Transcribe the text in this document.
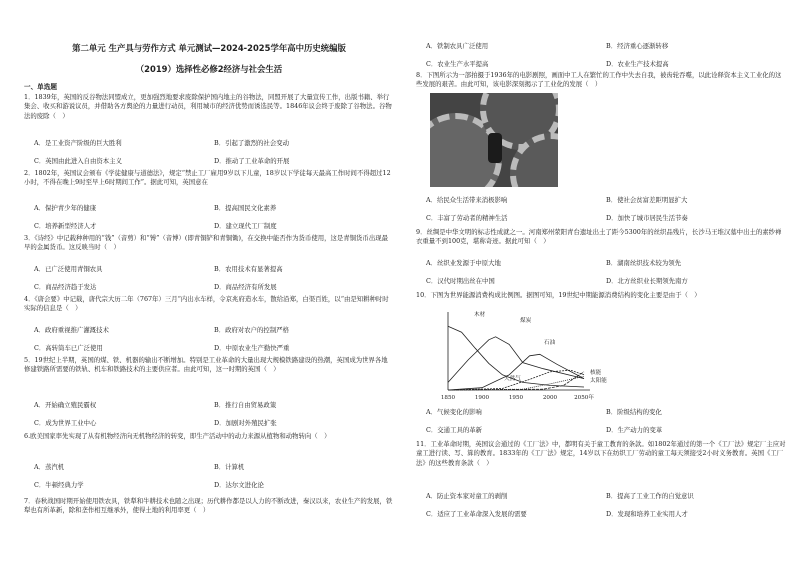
第二单元 生产具与劳作方式 单元测试—2024-2025学年高中历史统编版
（2019）选择性必修2经济与社会生活
一、单选题
1．1839年，英国的反谷物法同盟成立，更加强烈地要求废除保护国内地主的谷物法，同盟开展了大量宣传工作，出版书籍、举行集会、收买和游说议员，并借助各方舆论的力量进行动员，利用城市的经济优势而诱选民等。1846年议会终于废除了谷物法。谷物法的废除（　）
A．是工业资产阶级的巨大胜利	B．引起了激烈的社会变动
C．英国由此进入自由资本主义	D．推动了工业革命的开展
2．1802年，英国议会颁布《学徒健康与道德法》，规定“禁止工厂雇用9岁以下儿童，18岁以下学徒每天最高工作时间不得超过12小时，不得在晚上9时至早上6时期间工作”。据此可知，英国意在
A．保护青少年的健康	B．提高国民文化素养
C．培养新型经济人才	D．建立现代工厂制度
3．《诗经》中记载种种用的“钱”（音剪）和“镈”（音博）(即青铜铲和青铜锄)，在交换中能否作为货币使用，这是青铜货币出现最早的金属货币。这反映当时（　）
A．已广泛使用青铜农具	B．农用技术有显著提高
C．商品经济趋于发达	D．商品经济有所发展
4．《唐会要》中记载，唐代宗大历二年（767年）三月“内出水车样，令京兆府造水车，散给沿郑，白渠百姓，以“由是知耕种时时实际的信息是（　）
A．政府重视推广灌溉技术	B．政府对农户的控制严格
C．高转筒车已广泛使用	D．中原农业生产勤快严重
5．19世纪上半期，英国的煤、铁、机器的输出不断增加。特别是工业革命的大量出现大规模铁路建设的热潮，英国成为世界各地修建铁路所需要的铁轨、机车和铁路技术的主要供应者。由此可知，这一时期的英国（　）
A．开始确立殖民霸权	B．推行自由贸易政策
C．成为世界工业中心	D．加剧对外殖民扩张
6.欧美国家率先实现了从有机物经济向无机物经济的转变，即生产活动中的动力来源从植物和动物转向（　）
A．蒸汽机	B．计算机
C．牛顿经典力学	D．达尔文进化论
7．春秋战国时期开始使用铁农具，铁犁和牛耕技术也随之出现；历代耕作都是以人力的不断改进，秦汉以来，农业生产的发展，铁犁也有所革新，除和垄作相互继承外，使得土地的利用率更（　）
A．铁制农具广泛使用	B．经济重心逐渐转移
C．农业生产水平提高	D．农业生产技术提高
8．下图所示为一部拍摄于1936年的电影剧照，画面中工人在繁忙的工作中失去自我，被齿轮吞噬，以此诠释资本主义工业化的这些发展的艰苦。由此可知，该电影深刻揭示了工业化的发展（　）
A．给民众生活带来消极影响	B．使社会贫富差距明显扩大
C．丰富了劳动者的精神生活	D．加快了城市居民生活节奏
9．丝绸是中华文明的标志性成就之一。河南郑州荥阳青台遗址出土了距今5300年的丝织品残片，长沙马王堆汉墓中出土的素纱禅衣重量不到100克，堪称奇迹。据此可知（　）
A．丝织业发源于中原大地	B．湖南丝织技术较为领先
C．汉代时期出丝在中国	D．北方丝织业长期领先南方
10．下图为世界能源消费构成比例图。据图可知，19世纪中期能源消费结构的变化主要是由于（　）
1850	1900	1950	2000	2050年
木材
煤炭
石油
天然气
核能
太阳能
A．气候变化的影响	B．阶级结构的变化
C．交通工具的革新	D．生产动力的变革
11．工业革命时期，英国议会通过的《工厂法》中，都明有关于童工教育的条款。如1802年通过的第一个《工厂法》规定厂主应对童工进行读、写、算的教育。1833年的《工厂法》规定，14岁以下在纺织工厂劳动的童工每天须接受2小时义务教育。英国《工厂法》的这些教育条款（　）
A．防止资本家对童工的剥削	B．提高了工业工作的自觉意识
C．适应了工业革命深入发展的需要	D．发现和培养工业实用人才
